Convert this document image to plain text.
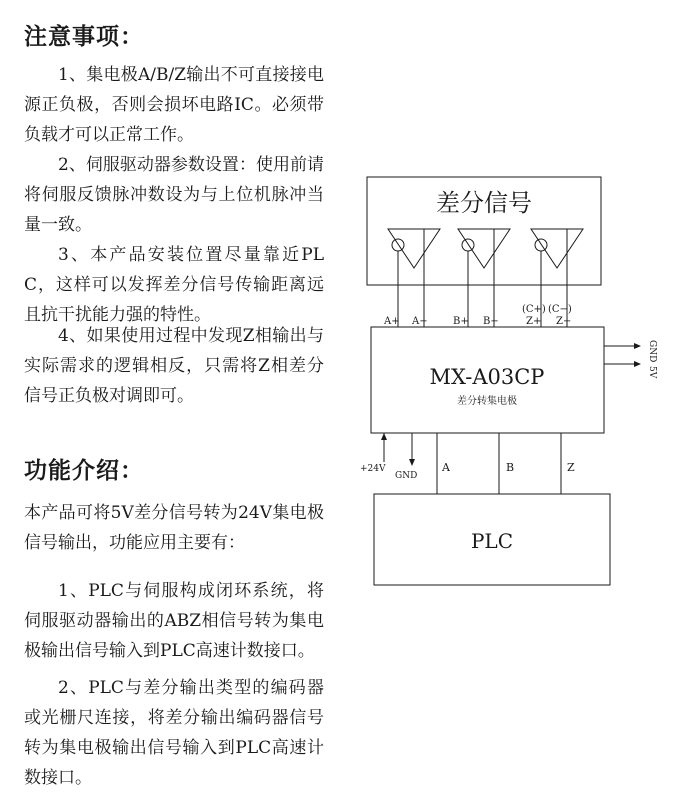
注意事项：

1、集电极A/B/Z输出不可直接接电源正负极，否则会损坏电路IC。必须带负载才可以正常工作。

2、伺服驱动器参数设置：使用前请将伺服反馈脉冲数设为与上位机脉冲当量一致。

3、本产品安装位置尽量靠近PLC，这样可以发挥差分信号传输距离远且抗干扰能力强的特性。

4、如果使用过程中发现Z相输出与实际需求的逻辑相反，只需将Z相差分信号正负极对调即可。

功能介绍：

本产品可将5V差分信号转为24V集电极信号输出，功能应用主要有：

1、PLC与伺服构成闭环系统，将伺服驱动器输出的ABZ相信号转为集电极输出信号输入到PLC高速计数接口。

2、PLC与差分输出类型的编码器或光栅尺连接，将差分输出编码器信号转为集电极输出信号输入到PLC高速计数接口。

差分信号
MX-A03CP
差分转集电极
PLC
A+ A−	B+ B−
(C+)
Z+
(C−)
Z−
GND
5V
+24V
GND
A	B	Z
